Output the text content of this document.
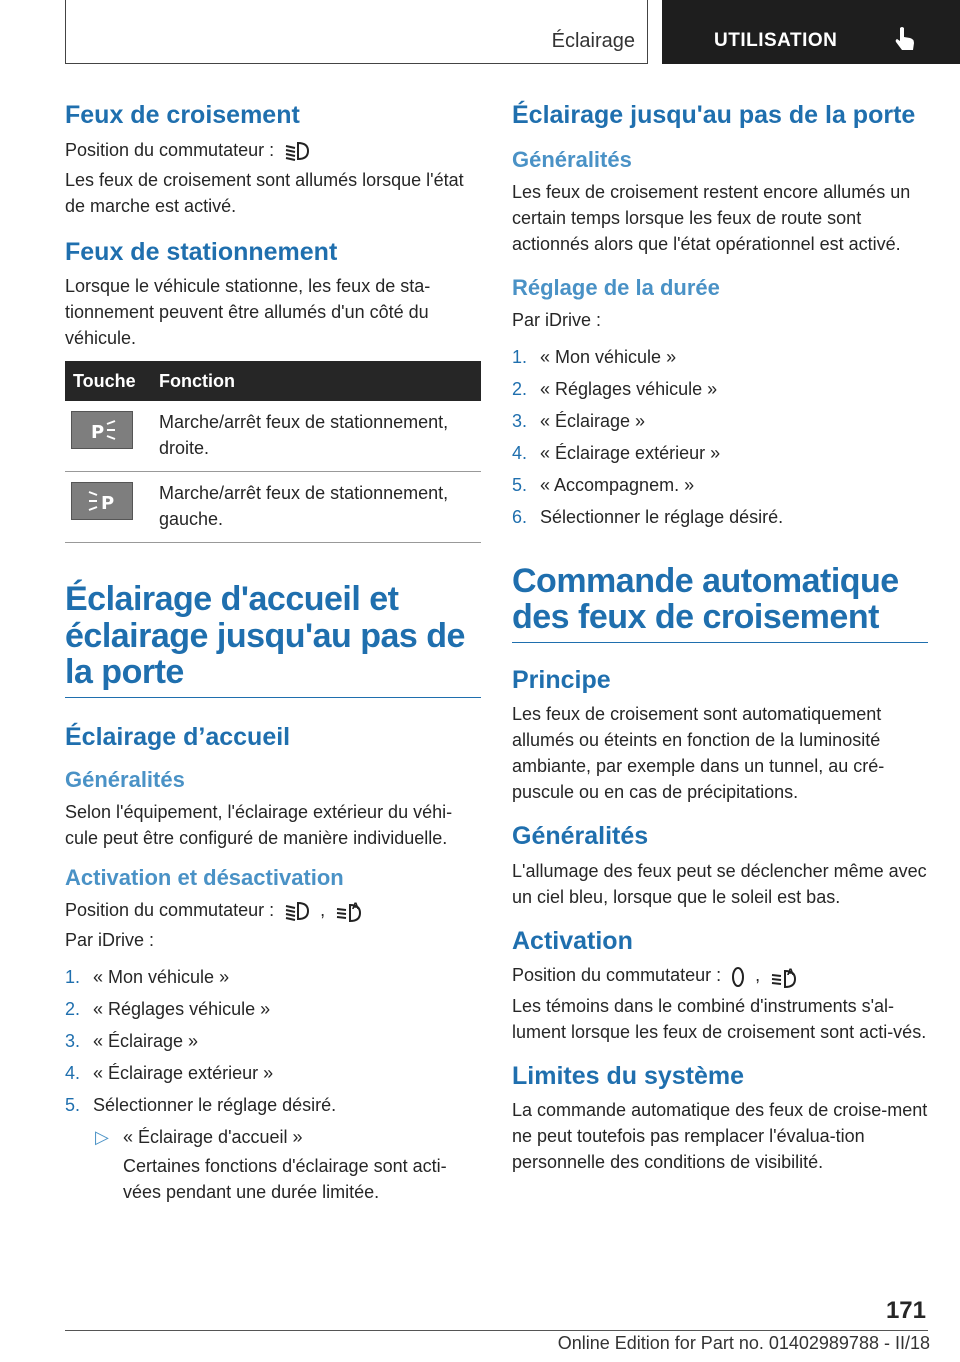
Éclairage	UTILISATION
Feux de croisement

Position du commutateur :

Les feux de croisement sont allumés lorsque l'état de marche est activé.

Feux de stationnement

Lorsque le véhicule stationne, les feux de sta‐tionnement peuvent être allumés d'un côté du véhicule.

Touche	Fonction

P	Marche/arrêt feux de stationnement, droite.

P	Marche/arrêt feux de stationnement, gauche.
Éclairage d'accueil et éclairage jusqu'au pas de la porte
Éclairage d’accueil
Généralités

Selon l'équipement, l'éclairage extérieur du véhi‐cule peut être configuré de manière individuelle.

Activation et désactivation

Position du commutateur :	,	A

Par iDrive :

1. « Mon véhicule »
2. « Réglages véhicule »
3. « Éclairage »
4. « Éclairage extérieur »
5. Sélectionner le réglage désiré.
▷ « Éclairage d'accueil »
Certaines fonctions d'éclairage sont acti‐vées pendant une durée limitée.
Éclairage jusqu'au pas de la porte
Généralités

Les feux de croisement restent encore allumés un certain temps lorsque les feux de route sont actionnés alors que l'état opérationnel est activé.

Réglage de la durée

Par iDrive :

1. « Mon véhicule »
2. « Réglages véhicule »
3. « Éclairage »
4. « Éclairage extérieur »
5. « Accompagnem. »
6. Sélectionner le réglage désiré.
Commande automatique des feux de croisement
Principe

Les feux de croisement sont automatiquement allumés ou éteints en fonction de la luminosité ambiante, par exemple dans un tunnel, au cré‐puscule ou en cas de précipitations.

Généralités

L'allumage des feux peut se déclencher même avec un ciel bleu, lorsque que le soleil est bas.

Activation

Position du commutateur : ,	A

Les témoins dans le combiné d'instruments s'al‐lument lorsque les feux de croisement sont acti‐vés.

Limites du système

La commande automatique des feux de croise‐ment ne peut toutefois pas remplacer l'évalua‐tion personnelle des conditions de visibilité.

171
Online Edition for Part no. 01402989788 - II/18
